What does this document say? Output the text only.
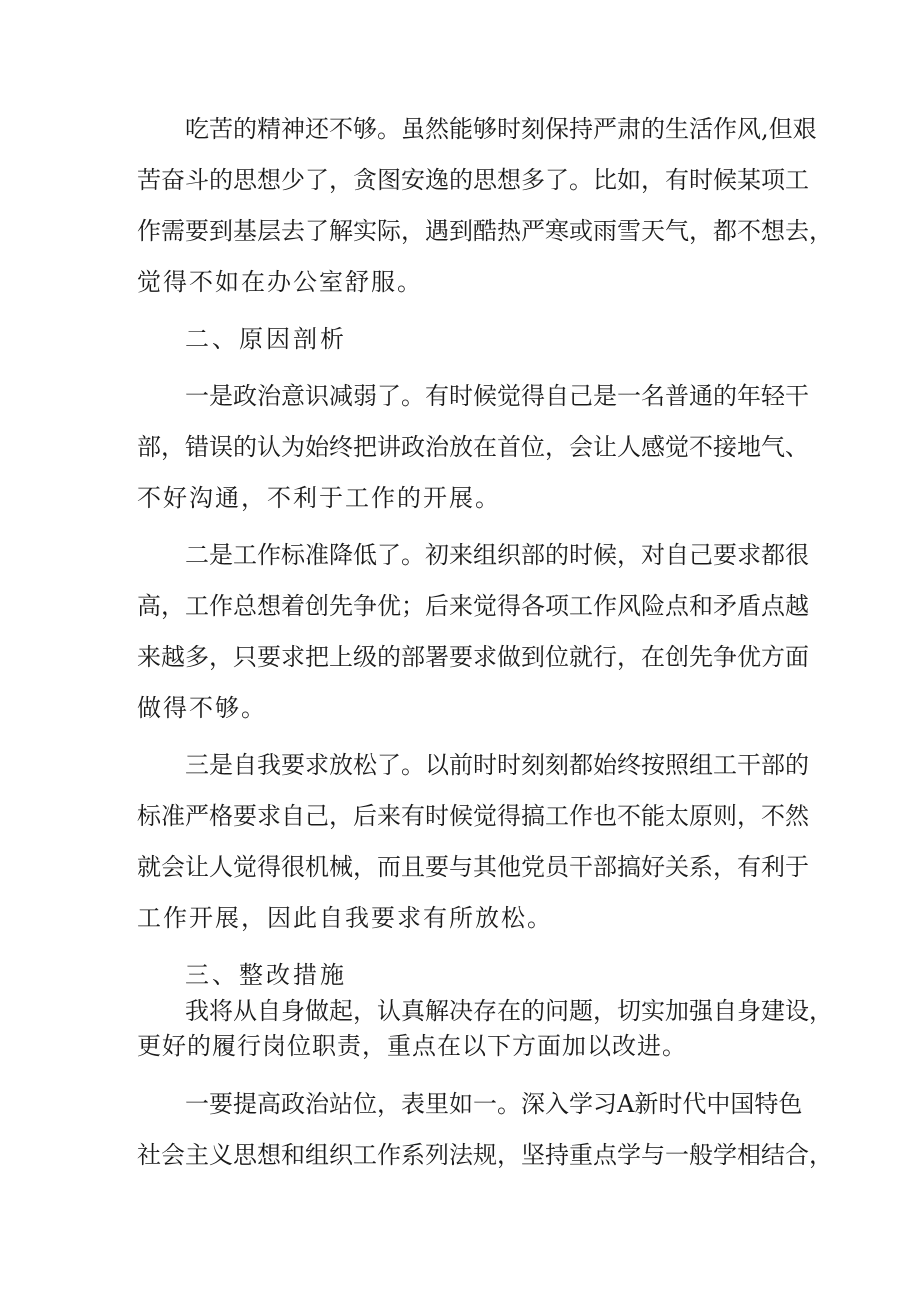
吃苦的精神还不够。虽然能够时刻保持严肃的生活作风,但艰
苦奋斗的思想少了，贪图安逸的思想多了。比如，有时候某项工
作需要到基层去了解实际，遇到酷热严寒或雨雪天气，都不想去，
觉得不如在办公室舒服。
二、原因剖析
一是政治意识减弱了。有时候觉得自己是一名普通的年轻干
部，错误的认为始终把讲政治放在首位，会让人感觉不接地气、
不好沟通，不利于工作的开展。
二是工作标准降低了。初来组织部的时候，对自己要求都很
高，工作总想着创先争优；后来觉得各项工作风险点和矛盾点越
来越多，只要求把上级的部署要求做到位就行，在创先争优方面
做得不够。
三是自我要求放松了。以前时时刻刻都始终按照组工干部的
标准严格要求自己，后来有时候觉得搞工作也不能太原则，不然
就会让人觉得很机械，而且要与其他党员干部搞好关系，有利于
工作开展，因此自我要求有所放松。
三、整改措施
我将从自身做起，认真解决存在的问题，切实加强自身建设，
更好的履行岗位职责，重点在以下方面加以改进。
一要提高政治站位，表里如一。深入学习A新时代中国特色
社会主义思想和组织工作系列法规，坚持重点学与一般学相结合，
